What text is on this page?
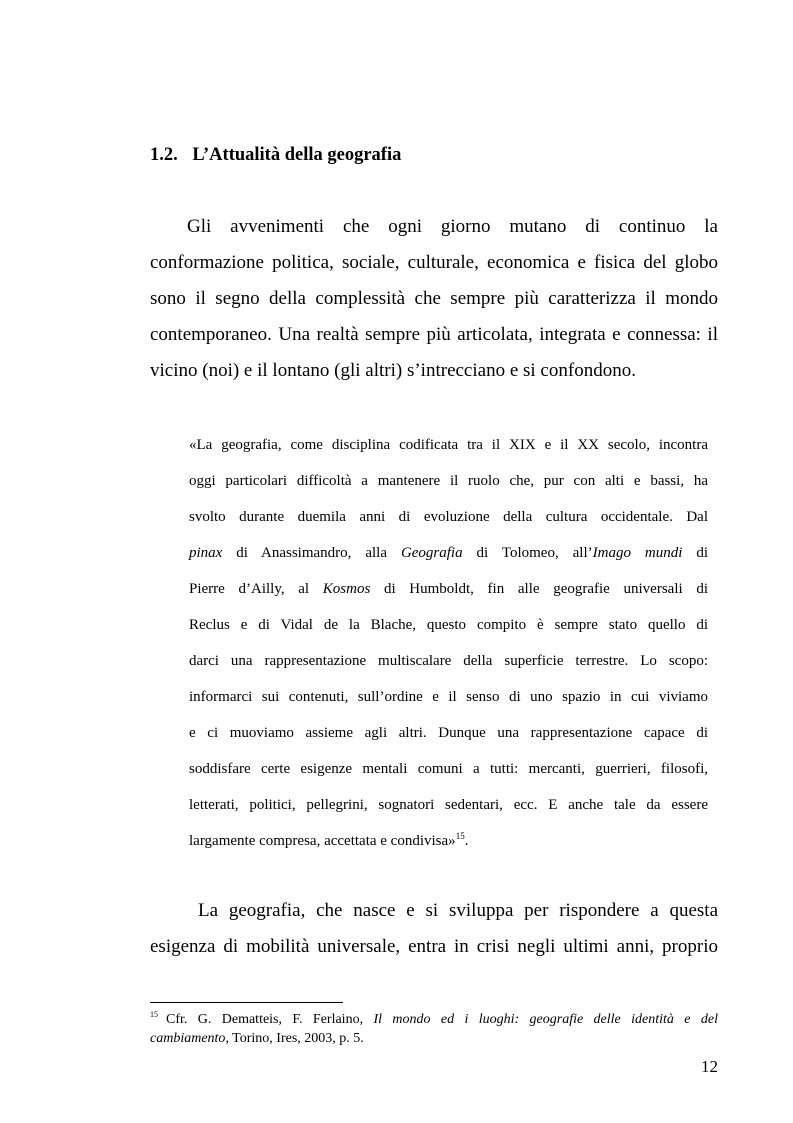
1.2. L’Attualità della geografia
Gli avvenimenti che ogni giorno mutano di continuo la
conformazione politica, sociale, culturale, economica e fisica del globo
sono il segno della complessità che sempre più caratterizza il mondo
contemporaneo. Una realtà sempre più articolata, integrata e connessa: il
vicino (noi) e il lontano (gli altri) s’intrecciano e si confondono.
«La geografia, come disciplina codificata tra il XIX e il XX secolo, incontra
oggi particolari difficoltà a mantenere il ruolo che, pur con alti e bassi, ha
svolto durante duemila anni di evoluzione della cultura occidentale. Dal
pinax di Anassimandro, alla Geografia di Tolomeo, all’Imago mundi di
Pierre d’Ailly, al Kosmos di Humboldt, fin alle geografie universali di
Reclus e di Vidal de la Blache, questo compito è sempre stato quello di
darci una rappresentazione multiscalare della superficie terrestre. Lo scopo:
informarci sui contenuti, sull’ordine e il senso di uno spazio in cui viviamo
e ci muoviamo assieme agli altri. Dunque una rappresentazione capace di
soddisfare certe esigenze mentali comuni a tutti: mercanti, guerrieri, filosofi,
letterati, politici, pellegrini, sognatori sedentari, ecc. E anche tale da essere
largamente compresa, accettata e condivisa»$^{15}$.
La geografia, che nasce e si sviluppa per rispondere a questa
esigenza di mobilità universale, entra in crisi negli ultimi anni, proprio
$^{15}$ Cfr. G. Dematteis, F. Ferlaino, Il mondo ed i luoghi: geografie delle identità e del
cambiamento, Torino, Ires, 2003, p. 5.
12
